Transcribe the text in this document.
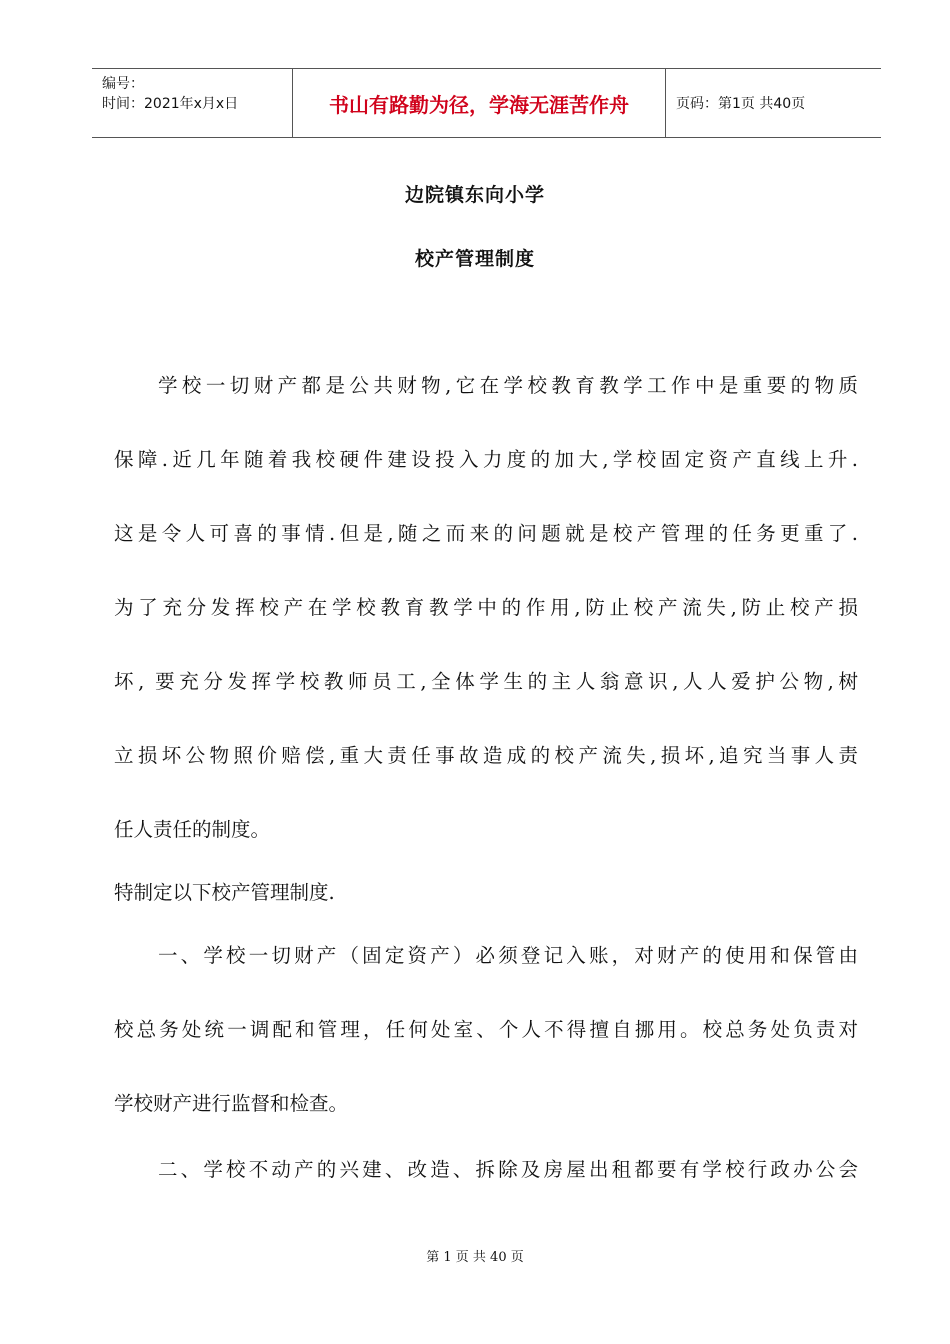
编号：
时间：2021年x月x日	书山有路勤为径，学海无涯苦作舟	页码：第1页 共40页
边院镇东向小学
校产管理制度
学校一切财产都是公共财物,它在学校教育教学工作中是重要的物质
保障.近几年随着我校硬件建设投入力度的加大,学校固定资产直线上升.
这是令人可喜的事情.但是,随之而来的问题就是校产管理的任务更重了.
为了充分发挥校产在学校教育教学中的作用,防止校产流失,防止校产损
坏, 要充分发挥学校教师员工,全体学生的主人翁意识,人人爱护公物,树
立损坏公物照价赔偿,重大责任事故造成的校产流失,损坏,追究当事人责
任人责任的制度。
特制定以下校产管理制度.
一、学校一切财产（固定资产）必须登记入账，对财产的使用和保管由
校总务处统一调配和管理，任何处室、个人不得擅自挪用。校总务处负责对
学校财产进行监督和检查。
二、学校不动产的兴建、改造、拆除及房屋出租都要有学校行政办公会
第 1 页 共 40 页
